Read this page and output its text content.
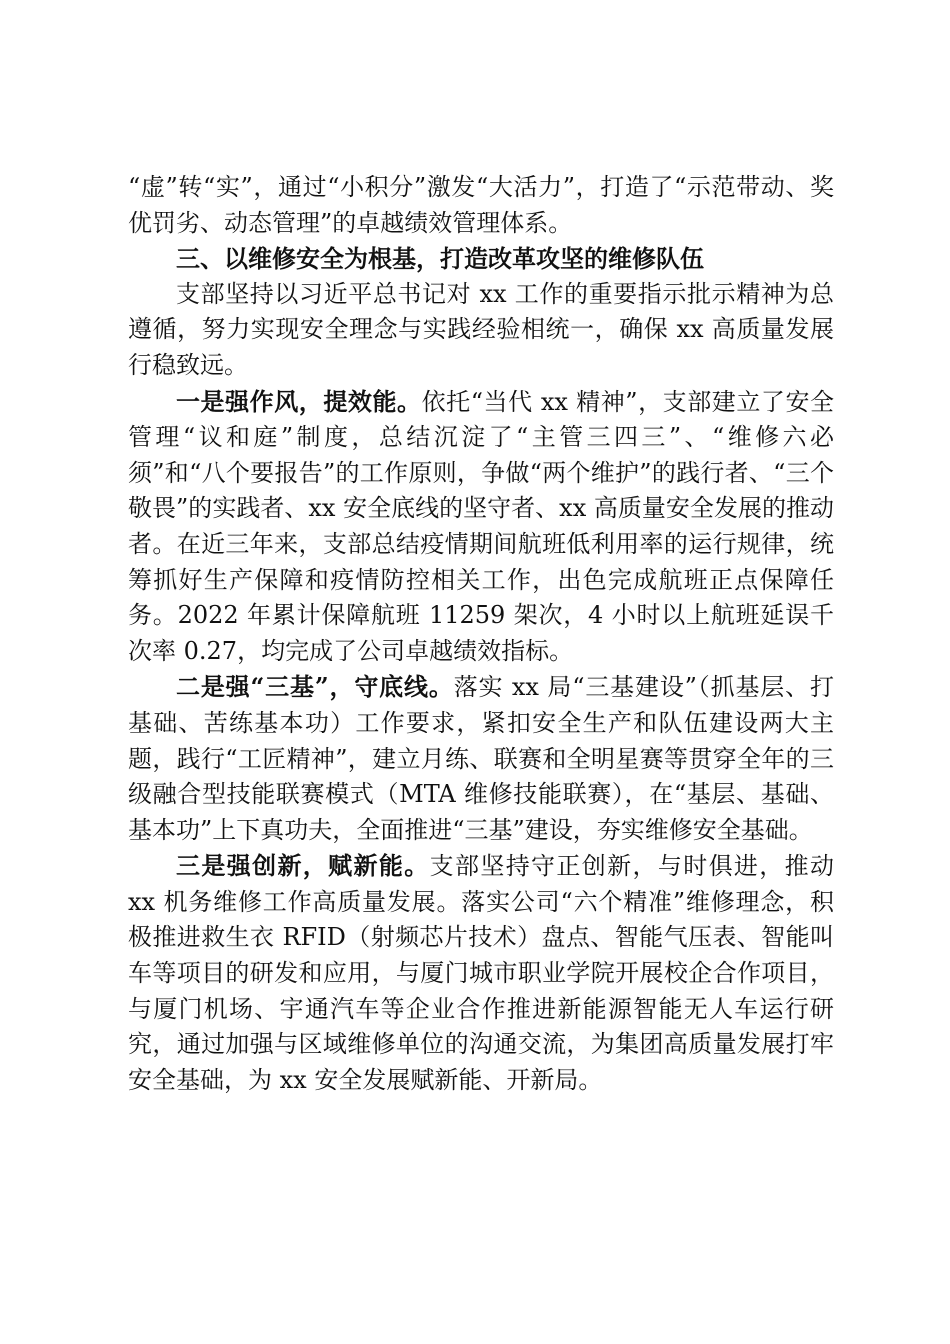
“虚”转“实”，通过“小积分”激发“大活力”，打造了“示范带动、奖优罚劣、动态管理”的卓越绩效管理体系。

三、以维修安全为根基，打造改革攻坚的维修队伍

支部坚持以习近平总书记对 xx 工作的重要指示批示精神为总遵循，努力实现安全理念与实践经验相统一，确保 xx 高质量发展行稳致远。

一是强作风，提效能。依托“当代 xx 精神”，支部建立了安全管理“议和庭”制度，总结沉淀了“主管三四三”、“维修六必须”和“八个要报告”的工作原则，争做“两个维护”的践行者、“三个敬畏”的实践者、xx 安全底线的坚守者、xx 高质量安全发展的推动者。在近三年来，支部总结疫情期间航班低利用率的运行规律，统筹抓好生产保障和疫情防控相关工作，出色完成航班正点保障任务。2022 年累计保障航班 11259 架次，4 小时以上航班延误千次率 0.27，均完成了公司卓越绩效指标。

二是强“三基”，守底线。落实 xx 局“三基建设”（抓基层、打基础、苦练基本功）工作要求，紧扣安全生产和队伍建设两大主题，践行“工匠精神”，建立月练、联赛和全明星赛等贯穿全年的三级融合型技能联赛模式（MTA 维修技能联赛），在“基层、基础、基本功”上下真功夫，全面推进“三基”建设，夯实维修安全基础。

三是强创新，赋新能。支部坚持守正创新，与时俱进，推动 xx 机务维修工作高质量发展。落实公司“六个精准”维修理念，积极推进救生衣 RFID（射频芯片技术）盘点、智能气压表、智能叫车等项目的研发和应用，与厦门城市职业学院开展校企合作项目，与厦门机场、宇通汽车等企业合作推进新能源智能无人车运行研究，通过加强与区域维修单位的沟通交流，为集团高质量发展打牢安全基础，为 xx 安全发展赋新能、开新局。
